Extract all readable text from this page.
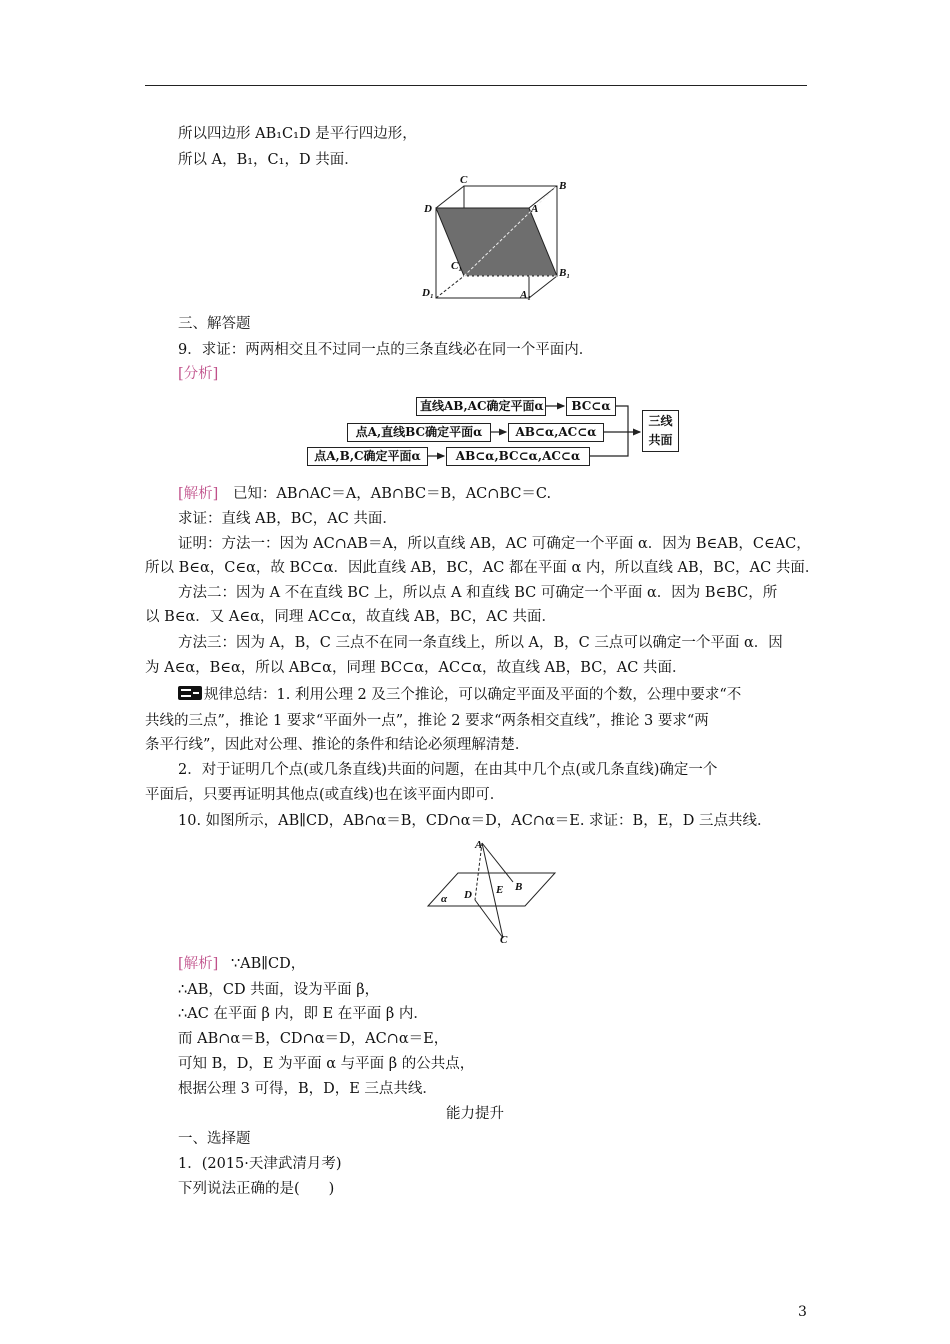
所以四边形 AB₁C₁D 是平行四边形，
所以 A，B₁，C₁，D 共面．
C	B
D	A
C₁
B₁
D₁	A₁
三、解答题
9．求证：两两相交且不过同一点的三条直线必在同一个平面内．
[分析]
直线AB,AC确定平面α	BC⊂α
点A,直线BC确定平面α	AB⊂α,AC⊂α
点A,B,C确定平面α	AB⊂α,BC⊂α,AC⊂α
三线
共面
[解析] 已知：AB∩AC＝A，AB∩BC＝B，AC∩BC＝C.
求证：直线 AB，BC，AC 共面．
证明：方法一：因为 AC∩AB＝A，所以直线 AB，AC 可确定一个平面 α．因为 B∈AB，C∈AC，
所以 B∈α，C∈α，故 BC⊂α．因此直线 AB，BC，AC 都在平面 α 内，所以直线 AB，BC，AC 共面．
方法二：因为 A 不在直线 BC 上，所以点 A 和直线 BC 可确定一个平面 α．因为 B∈BC，所
以 B∈α．又 A∈α，同理 AC⊂α，故直线 AB，BC，AC 共面．
方法三：因为 A，B，C 三点不在同一条直线上，所以 A，B，C 三点可以确定一个平面 α．因
为 A∈α，B∈α，所以 AB⊂α，同理 BC⊂α，AC⊂α，故直线 AB，BC，AC 共面．
规律总结：1. 利用公理 2 及三个推论，可以确定平面及平面的个数，公理中要求“不
共线的三点”，推论 1 要求“平面外一点”，推论 2 要求“两条相交直线”，推论 3 要求“两
条平行线”，因此对公理、推论的条件和结论必须理解清楚．
2．对于证明几个点(或几条直线)共面的问题，在由其中几个点(或几条直线)确定一个
平面后，只要再证明其他点(或直线)也在该平面内即可．
10. 如图所示，AB∥CD，AB∩α＝B，CD∩α＝D，AC∩α＝E. 求证：B，E，D 三点共线．
A
B
α D E
C
[解析] ∵AB∥CD，
∴AB，CD 共面，设为平面 β，
∴AC 在平面 β 内，即 E 在平面 β 内．
而 AB∩α＝B，CD∩α＝D，AC∩α＝E，
可知 B，D，E 为平面 α 与平面 β 的公共点，
根据公理 3 可得，B，D，E 三点共线．
能力提升
一、选择题
1．(2015·天津武清月考)
下列说法正确的是(　　)
3
